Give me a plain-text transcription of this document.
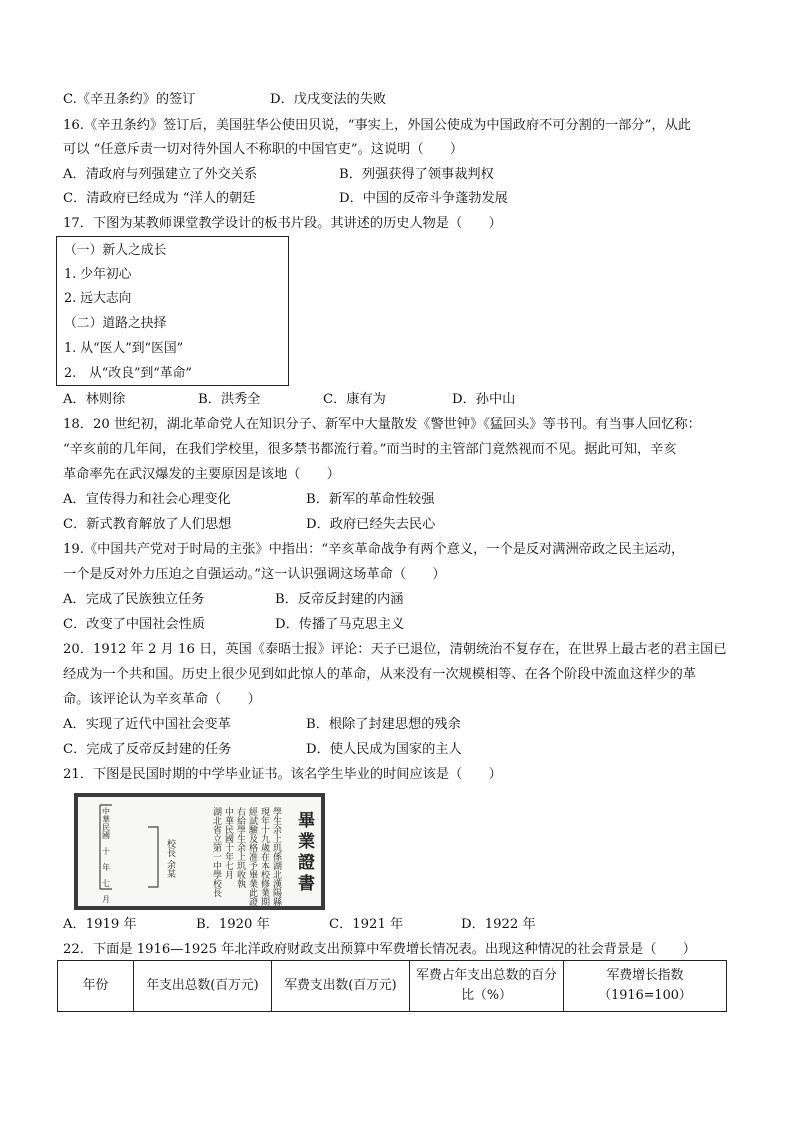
C.《辛丑条约》的签订	D．戊戌变法的失败
16.《辛丑条约》签订后，美国驻华公使田贝说，“事实上，外国公使成为中国政府不可分割的一部分”，从此
可以 “任意斥责一切对待外国人不称职的中国官吏”。这说明（　　）
A．清政府与列强建立了外交关系	B．列强获得了领事裁判权
C．清政府已经成为 “洋人的朝廷	D．中国的反帝斗争蓬勃发展
17．下图为某教师课堂教学设计的板书片段。其讲述的历史人物是（　　）
（一）新人之成长
1. 少年初心
2. 远大志向
（二）道路之抉择
1. 从“医人”到“医国”
2.　从“改良”到“革命”
A．林则徐	B．洪秀全	C．康有为	D．孙中山
18．20 世纪初，湖北革命党人在知识分子、新军中大量散发《警世钟》《猛回头》等书刊。有当事人回忆称：
“辛亥前的几年间，在我们学校里，很多禁书都流行着。”而当时的主管部门竟然视而不见。据此可知，辛亥
革命率先在武汉爆发的主要原因是该地（　　）
A．宣传得力和社会心理变化	B．新军的革命性较强
C．新式教育解放了人们思想	D．政府已经失去民心
19.《中国共产党对于时局的主张》中指出：“辛亥革命战争有两个意义，一个是反对满洲帝政之民主运动，
一个是反对外力压迫之自强运动。”这一认识强调这场革命（　　）
A．完成了民族独立任务	B．反帝反封建的内涵
C．改变了中国社会性质	D．传播了马克思主义
20．1912 年 2 月 16 日，英国《泰晤士报》评论：天子已退位，清朝统治不复存在，在世界上最古老的君主国已
经成为一个共和国。历史上很少见到如此惊人的革命，从来没有一次规模相等、在各个阶段中流血这样少的革
命。该评论认为辛亥革命（　　）
A．实现了近代中国社会变革	B．根除了封建思想的残余
C．完成了反帝反封建的任务	D．使人民成为国家的主人
21．下图是民国时期的中学毕业证书。该名学生毕业的时间应该是（　　）
畢業證書
學生余上玑係湖北漢陽縣人
現年十九歲在本校修業期滿
經試驗及格准予畢業此證
右給學生余上玑收執
中華民國十年七月
湖北省立第一中學校長
中華民國　十　年　七　月　　十　日	校長 余某
A．1919 年	B．1920 年	C．1921 年	D．1922 年
22．下面是 1916—1925 年北洋政府财政支出预算中军费增长情况表。出现这种情况的社会背景是（　　）
年份	年支出总数(百万元)	军费支出数(百万元)	军费占年支出总数的百分比（%）	军费增长指数（1916=100）
